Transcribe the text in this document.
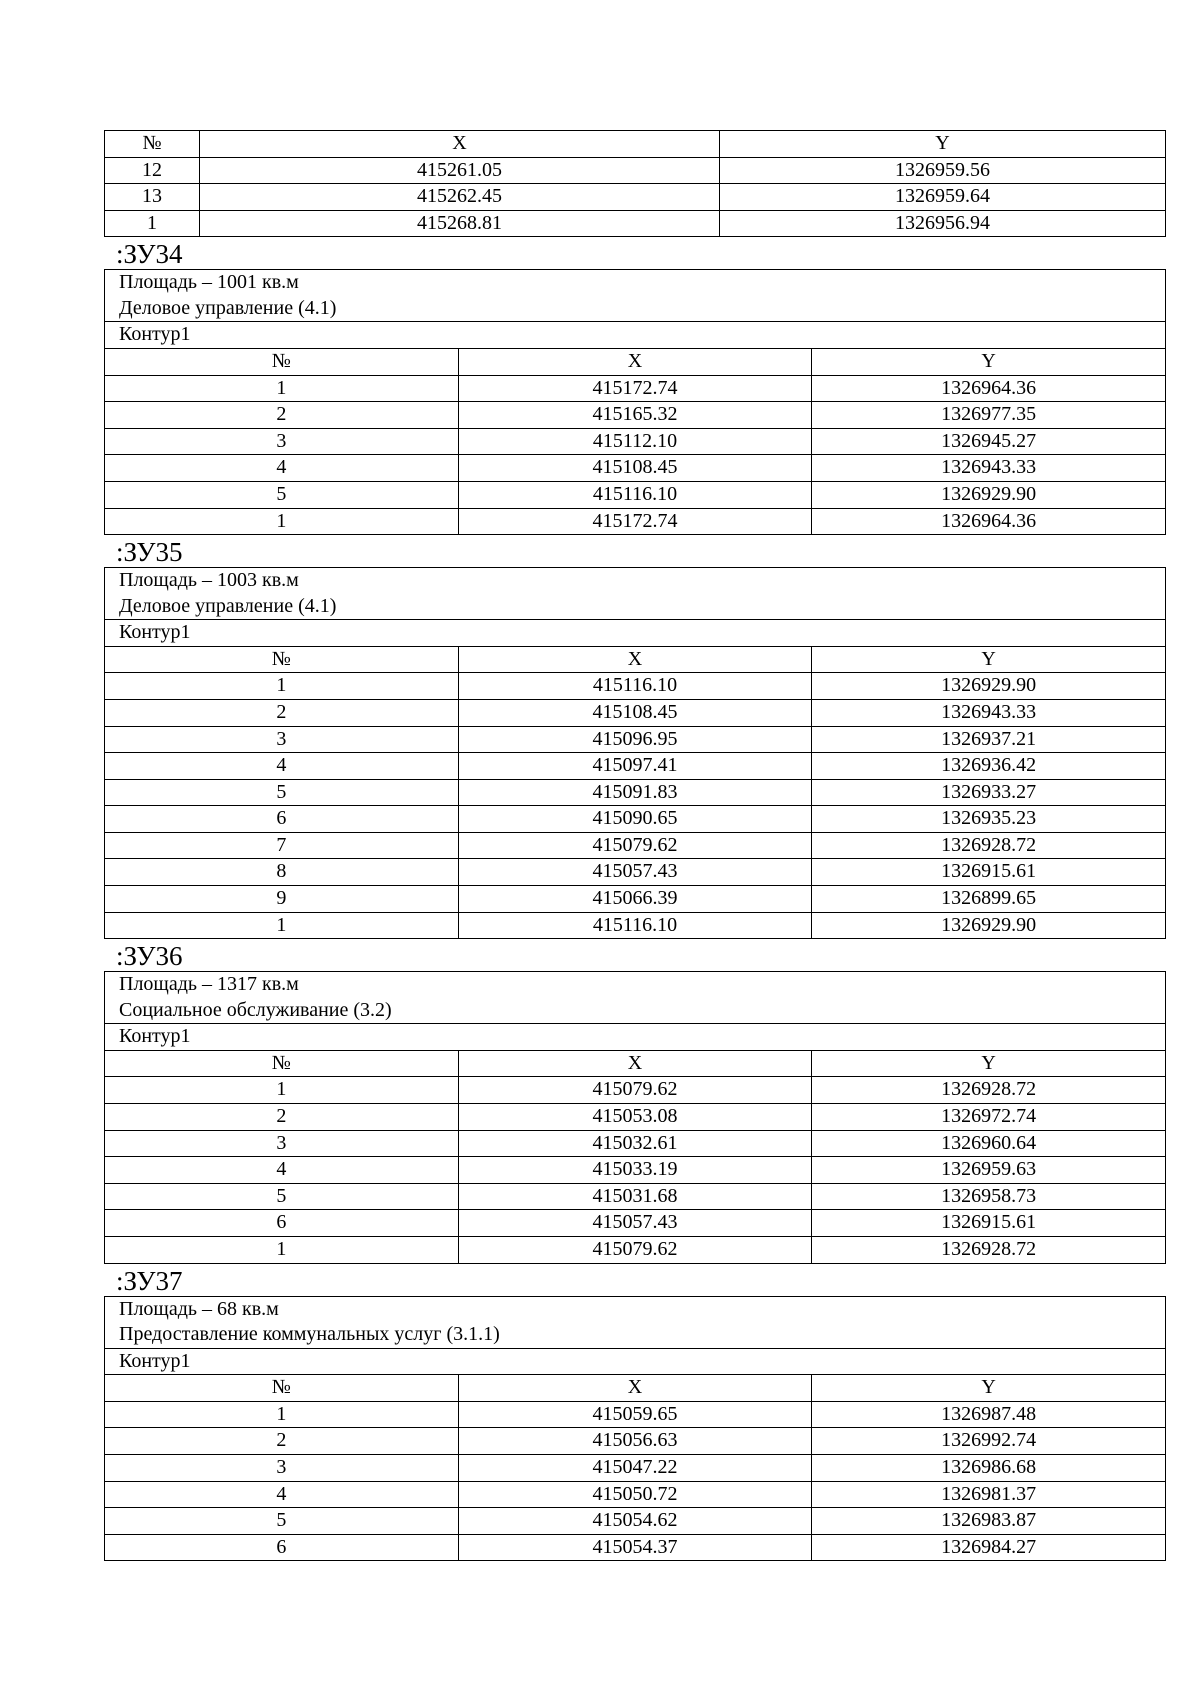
№	X	Y
12	415261.05	1326959.56
13	415262.45	1326959.64
1	415268.81	1326956.94
:ЗУ34
Площадь – 1001 кв.м
Деловое управление (4.1)		

Контур1		
№	X	Y
1	415172.74	1326964.36
2	415165.32	1326977.35
3	415112.10	1326945.27
4	415108.45	1326943.33
5	415116.10	1326929.90
1	415172.74	1326964.36
:ЗУ35
Площадь – 1003 кв.м
Деловое управление (4.1)		

Контур1		
№	X	Y
1	415116.10	1326929.90
2	415108.45	1326943.33
3	415096.95	1326937.21
4	415097.41	1326936.42
5	415091.83	1326933.27
6	415090.65	1326935.23
7	415079.62	1326928.72
8	415057.43	1326915.61
9	415066.39	1326899.65
1	415116.10	1326929.90
:ЗУ36
Площадь – 1317 кв.м
Социальное обслуживание (3.2)		

Контур1		
№	X	Y
1	415079.62	1326928.72
2	415053.08	1326972.74
3	415032.61	1326960.64
4	415033.19	1326959.63
5	415031.68	1326958.73
6	415057.43	1326915.61
1	415079.62	1326928.72
:ЗУ37
Площадь – 68 кв.м
Предоставление коммунальных услуг (3.1.1)		

Контур1		
№	X	Y
1	415059.65	1326987.48
2	415056.63	1326992.74
3	415047.22	1326986.68
4	415050.72	1326981.37
5	415054.62	1326983.87
6	415054.37	1326984.27
